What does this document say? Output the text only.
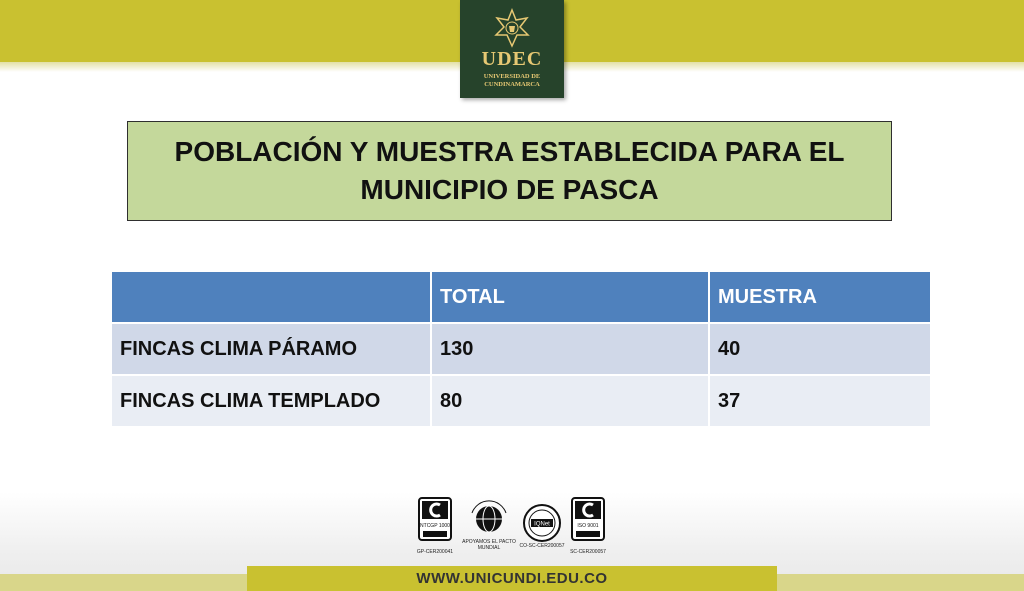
UDEC
UNIVERSIDAD DE
CUNDINAMARCA
POBLACIÓN Y MUESTRA ESTABLECIDA PARA EL MUNICIPIO DE PASCA
	TOTAL	MUESTRA
FINCAS CLIMA PÁRAMO	130	40
FINCAS CLIMA TEMPLADO	80	37
NTCGP 1000
GP-CER200041
APOYAMOS EL PACTO MUNDIAL
IQNet
CO-SC-CER200057
ISO 9001
SC-CER200057
WWW.UNICUNDI.EDU.CO
